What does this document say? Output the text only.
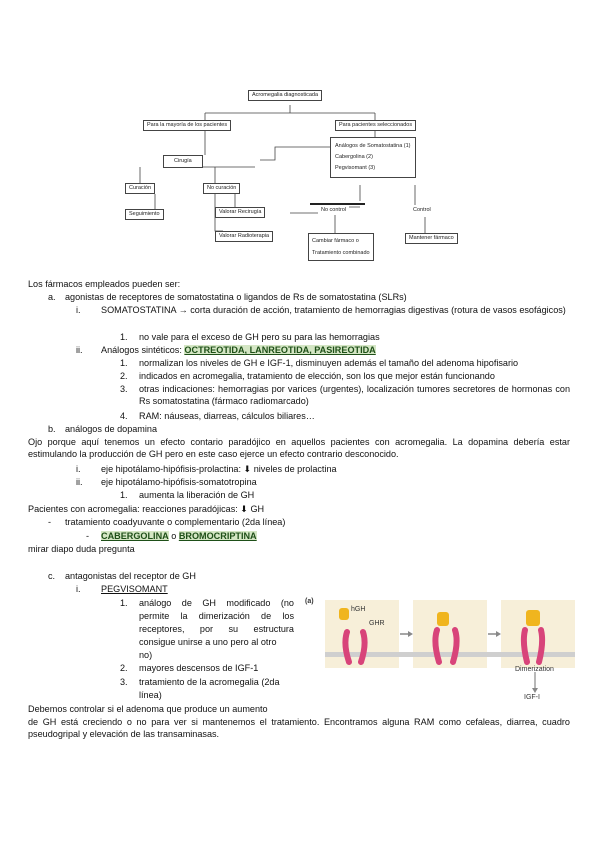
Acromegalia diagnosticada
Para la mayoría de los pacientes	Para pacientes seleccionados
Cirugía
Curación	No curación
Seguimiento	Valorar Recirugía
Valorar Radioterapia
Análogos de Somatostatina (1)
Cabergolina (2)
Pegvisomant (3)
No control	Control
Cambiar fármaco o
Tratamiento combinado
Mantener fármaco
Los fármacos empleados pueden ser:
a. agonistas de receptores de somatostatina o ligandos de Rs de somatostatina (SLRs)
i. SOMATOSTATINA → corta duración de acción, tratamiento de hemorragias digestivas (rotura de vasos esofágicos)
1. no vale para el exceso de GH pero su para las hemorragias
ii. Análogos sintéticos: OCTREOTIDA, LANREOTIDA, PASIREOTIDA
1. normalizan los niveles de GH e IGF-1, disminuyen además el tamaño del adenoma hipofisario
2. indicados en acromegalia, tratamiento de elección, son los que mejor están funcionando
3. otras indicaciones: hemorragias por varices (urgentes), localización tumores secretores de hormonas con Rs somatostatina (fármaco radiomarcado)
4. RAM: náuseas, diarreas, cálculos biliares…
b. análogos de dopamina
Ojo porque aquí tenemos un efecto contario paradójico en aquellos pacientes con acromegalia. La dopamina debería estar estimulando la producción de GH pero en este caso ejerce un efecto contrario desconocido.
i. eje hipotálamo-hipófisis-prolactina: ⬇ niveles de prolactina
ii. eje hipotálamo-hipófisis-somatotropina
1. aumenta la liberación de GH
Pacientes con acromegalia: reacciones paradójicas: ⬇ GH
- tratamiento coadyuvante o complementario (2da línea)
- CABERGOLINA o BROMOCRIPTINA
mirar diapo duda pregunta
c. antagonistas del receptor de GH
i. PEGVISOMANT
1. análogo de GH modificado (no
permite la dimerización de los
receptores, por su estructura
consigue unirse a uno pero al otro
no)
2. mayores descensos de IGF-1
3. tratamiento de la acromegalia (2da
línea)
Debemos controlar si el adenoma que produce un aumento
de GH está creciendo o no para ver si mantenemos el tratamiento. Encontramos alguna RAM como cefaleas, diarrea, cuadro pseudogripal y elevación de las transaminasas.
(a)
hGH
GHR
Dimerization
IGF-I
